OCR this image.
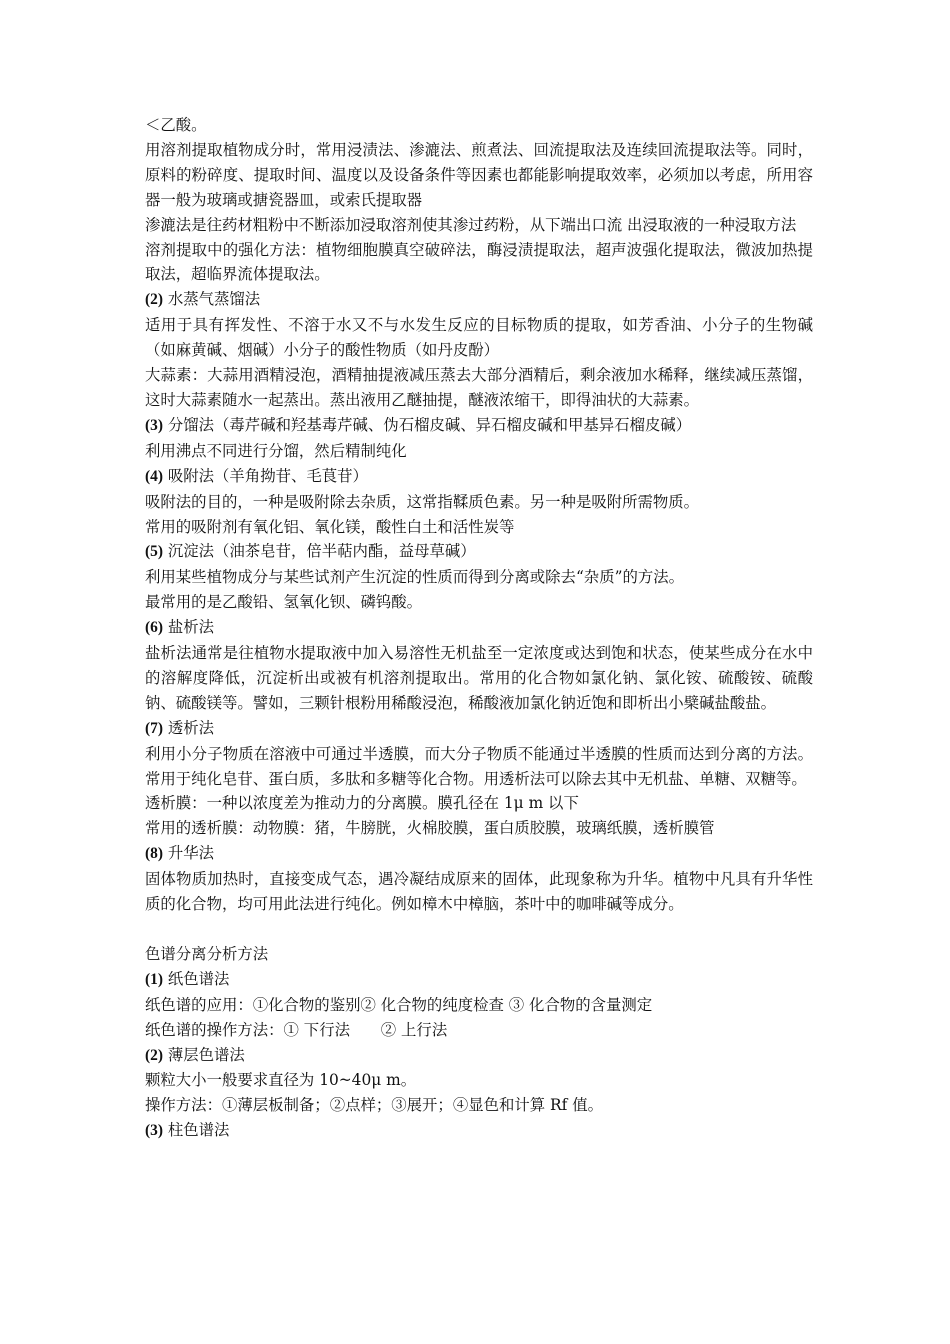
＜乙酸。
用溶剂提取植物成分时，常用浸渍法、渗漉法、煎煮法、回流提取法及连续回流提取法等。同时，原料的粉碎度、提取时间、温度以及设备条件等因素也都能影响提取效率，必须加以考虑，所用容器一般为玻璃或搪瓷器皿，或索氏提取器
渗漉法是往药材粗粉中不断添加浸取溶剂使其渗过药粉，从下端出口流 出浸取液的一种浸取方法
溶剂提取中的强化方法：植物细胞膜真空破碎法，酶浸渍提取法，超声波强化提取法，微波加热提取法，超临界流体提取法。
(2) 水蒸气蒸馏法
适用于具有挥发性、不溶于水又不与水发生反应的目标物质的提取，如芳香油、小分子的生物碱（如麻黄碱、烟碱）小分子的酸性物质（如丹皮酚）
大蒜素：大蒜用酒精浸泡，酒精抽提液减压蒸去大部分酒精后，剩余液加水稀释，继续减压蒸馏，这时大蒜素随水一起蒸出。蒸出液用乙醚抽提，醚液浓缩干，即得油状的大蒜素。
(3) 分馏法（毒芹碱和羟基毒芹碱、伪石榴皮碱、异石榴皮碱和甲基异石榴皮碱）
利用沸点不同进行分馏，然后精制纯化
(4) 吸附法（羊角拗苷、毛茛苷）
吸附法的目的，一种是吸附除去杂质，这常指鞣质色素。另一种是吸附所需物质。
常用的吸附剂有氧化铝、氧化镁，酸性白土和活性炭等
(5) 沉淀法（油茶皂苷，倍半萜内酯，益母草碱）
利用某些植物成分与某些试剂产生沉淀的性质而得到分离或除去“杂质”的方法。
最常用的是乙酸铅、氢氧化钡、磷钨酸。
(6) 盐析法
盐析法通常是往植物水提取液中加入易溶性无机盐至一定浓度或达到饱和状态，使某些成分在水中的溶解度降低，沉淀析出或被有机溶剂提取出。常用的化合物如氯化钠、氯化铵、硫酸铵、硫酸钠、硫酸镁等。譬如，三颗针根粉用稀酸浸泡，稀酸液加氯化钠近饱和即析出小檗碱盐酸盐。
(7) 透析法
利用小分子物质在溶液中可通过半透膜，而大分子物质不能通过半透膜的性质而达到分离的方法。常用于纯化皂苷、蛋白质，多肽和多糖等化合物。用透析法可以除去其中无机盐、单糖、双糖等。
透析膜：一种以浓度差为推动力的分离膜。膜孔径在 1μ m 以下
常用的透析膜：动物膜：猪，牛膀胱，火棉胶膜，蛋白质胶膜，玻璃纸膜，透析膜管
(8) 升华法
固体物质加热时，直接变成气态，遇冷凝结成原来的固体，此现象称为升华。植物中凡具有升华性质的化合物，均可用此法进行纯化。例如樟木中樟脑，茶叶中的咖啡碱等成分。
色谱分离分析方法
(1) 纸色谱法
纸色谱的应用：①化合物的鉴别② 化合物的纯度检查 ③ 化合物的含量测定
纸色谱的操作方法：① 下行法　　② 上行法
(2) 薄层色谱法
颗粒大小一般要求直径为 10~40μ m。
操作方法：①薄层板制备；②点样；③展开；④显色和计算 Rf 值。
(3) 柱色谱法
